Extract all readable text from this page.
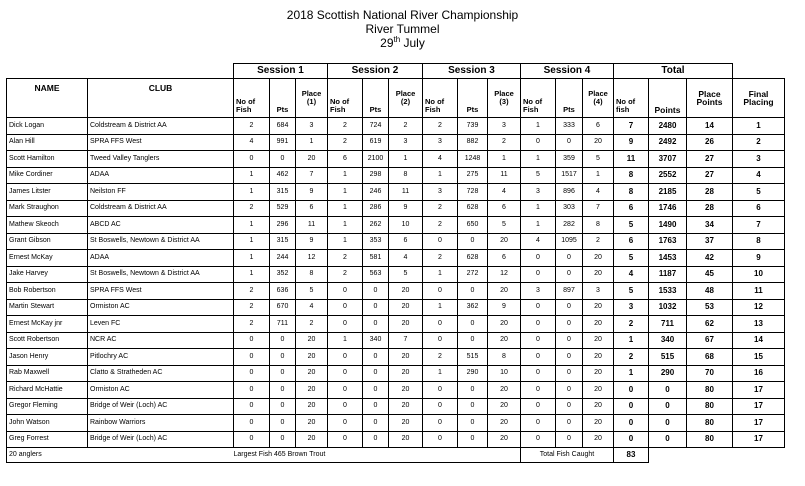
2018 Scottish National River Championship
River Tummel
29th July
		Session 1			Session 2			Session 3			Session 4			Total			
NAME	CLUB	No of Fish	Pts	Place (1)	No of Fish	Pts	Place (2)	No of Fish	Pts	Place (3)	No of Fish	Pts	Place (4)	No of fish	Points	Place Points	Final Placing
Dick Logan	Coldstream & District AA	2	684	3	2	724	2	2	739	3	1	333	6	7	2480	14	1
Alan Hill	SPRA FFS West	4	991	1	2	619	3	3	882	2	0	0	20	9	2492	26	2
Scott Hamilton	Tweed Valley Tanglers	0	0	20	6	2100	1	4	1248	1	1	359	5	11	3707	27	3
Mike Cordiner	ADAA	1	462	7	1	298	8	1	275	11	5	1517	1	8	2552	27	4
James Litster	Neilston FF	1	315	9	1	246	11	3	728	4	3	896	4	8	2185	28	5
Mark Straughon	Coldstream & District AA	2	529	6	1	286	9	2	628	6	1	303	7	6	1746	28	6
Mathew Skeoch	ABCD AC	1	296	11	1	262	10	2	650	5	1	282	8	5	1490	34	7
Grant Gibson	St Boswells, Newtown & District AA	1	315	9	1	353	6	0	0	20	4	1095	2	6	1763	37	8
Ernest McKay	ADAA	1	244	12	2	581	4	2	628	6	0	0	20	5	1453	42	9
Jake Harvey	St Boswells, Newtown & District AA	1	352	8	2	563	5	1	272	12	0	0	20	4	1187	45	10
Bob Robertson	SPRA FFS West	2	636	5	0	0	20	0	0	20	3	897	3	5	1533	48	11
Martin Stewart	Ormiston AC	2	670	4	0	0	20	1	362	9	0	0	20	3	1032	53	12
Ernest McKay jnr	Leven FC	2	711	2	0	0	20	0	0	20	0	0	20	2	711	62	13
Scott Robertson	NCR AC	0	0	20	1	340	7	0	0	20	0	0	20	1	340	67	14
Jason Henry	Pitlochry AC	0	0	20	0	0	20	2	515	8	0	0	20	2	515	68	15
Rab Maxwell	Clatto & Stratheden AC	0	0	20	0	0	20	1	290	10	0	0	20	1	290	70	16
Richard McHattie	Ormiston AC	0	0	20	0	0	20	0	0	20	0	0	20	0	0	80	17
Gregor Fleming	Bridge of Weir (Loch) AC	0	0	20	0	0	20	0	0	20	0	0	20	0	0	80	17
John Watson	Rainbow Warriors	0	0	20	0	0	20	0	0	20	0	0	20	0	0	80	17
Greg Forrest	Bridge of Weir (Loch) AC	0	0	20	0	0	20	0	0	20	0	0	20	0	0	80	17
20 anglers		Largest Fish 465 Brown Trout									Total Fish Caught			83			
